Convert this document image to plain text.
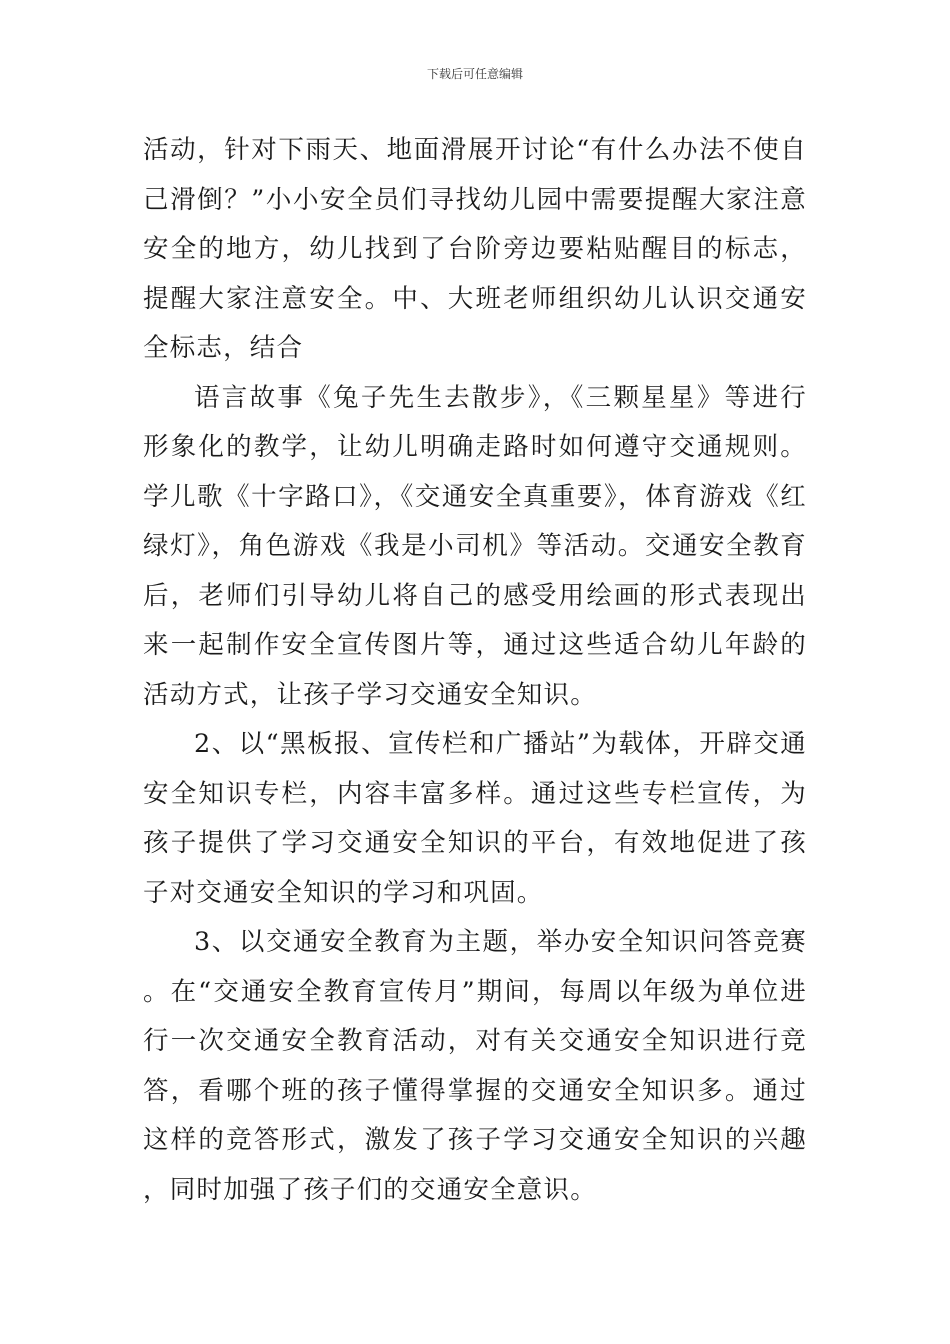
下载后可任意编辑

活动，针对下雨天、地面滑展开讨论“有什么办法不使自己滑倒？”小小安全员们寻找幼儿园中需要提醒大家注意安全的地方，幼儿找到了台阶旁边要粘贴醒目的标志，提醒大家注意安全。中、大班老师组织幼儿认识交通安全标志，结合

语言故事《兔子先生去散步》，《三颗星星》等进行形象化的教学，让幼儿明确走路时如何遵守交通规则。学儿歌《十字路口》，《交通安全真重要》，体育游戏《红绿灯》，角色游戏《我是小司机》等活动。交通安全教育后，老师们引导幼儿将自己的感受用绘画的形式表现出来一起制作安全宣传图片等，通过这些适合幼儿年龄的活动方式，让孩子学习交通安全知识。

2、以“黑板报、宣传栏和广播站”为载体，开辟交通安全知识专栏，内容丰富多样。通过这些专栏宣传，为孩子提供了学习交通安全知识的平台，有效地促进了孩子对交通安全知识的学习和巩固。

3、以交通安全教育为主题，举办安全知识问答竞赛。在“交通安全教育宣传月”期间，每周以年级为单位进行一次交通安全教育活动，对有关交通安全知识进行竞答，看哪个班的孩子懂得掌握的交通安全知识多。通过这样的竞答形式，激发了孩子学习交通安全知识的兴趣，同时加强了孩子们的交通安全意识。
